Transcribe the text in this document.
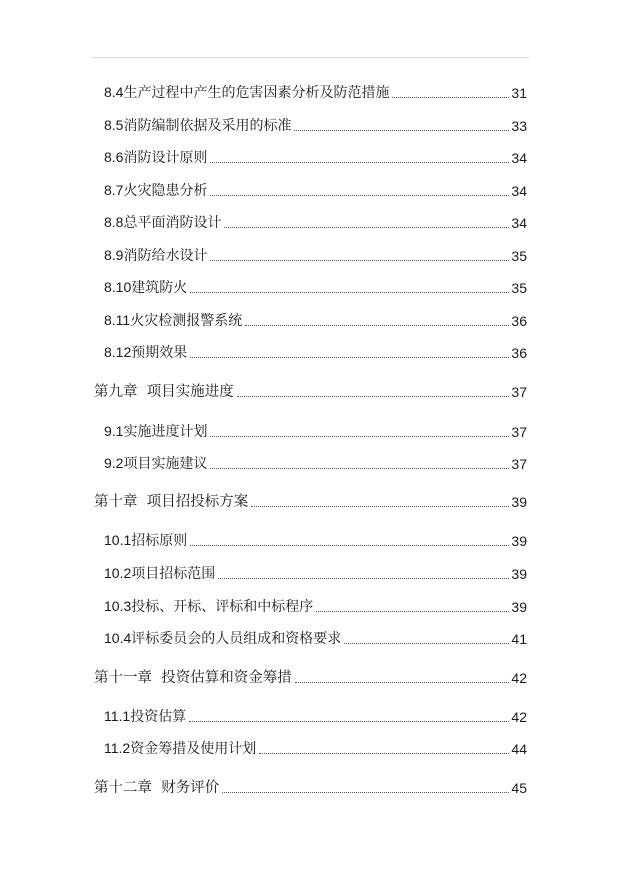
8.4生产过程中产生的危害因素分析及防范措施	31
8.5消防编制依据及采用的标准	33
8.6消防设计原则	34
8.7火灾隐患分析	34
8.8总平面消防设计	34
8.9消防给水设计	35
8.10建筑防火	35
8.11火灾检测报警系统	36
8.12预期效果	36
第九章 项目实施进度	37
9.1实施进度计划	37
9.2项目实施建议	37
第十章 项目招投标方案	39
10.1招标原则	39
10.2项目招标范围	39
10.3投标、开标、评标和中标程序	39
10.4评标委员会的人员组成和资格要求	41
第十一章 投资估算和资金筹措	42
11.1投资估算	42
11.2资金筹措及使用计划	44
第十二章 财务评价	45
